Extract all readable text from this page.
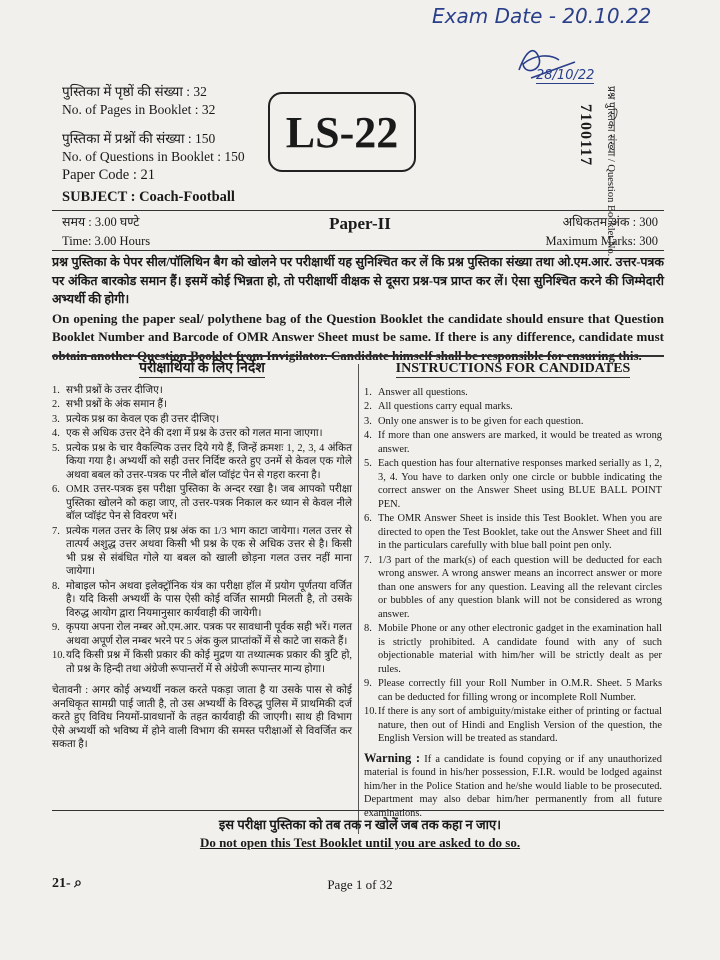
Exam Date - 20.10.22
28/10/22
पुस्तिका में पृष्ठों की संख्या : 32
No. of Pages in Booklet : 32
पुस्तिका में प्रश्नों की संख्या : 150
No. of Questions in Booklet : 150
Paper Code : 21
SUBJECT : Coach-Football
LS-22	7100117 प्रश्न पुस्तिका संख्या / Question Booklet No.
समय : 3.00 घण्टे
Time: 3.00 Hours
Paper-II	अधिकतम अंक : 300
Maximum Marks: 300
प्रश्न पुस्तिका के पेपर सील/पॉलिथिन बैग को खोलने पर परीक्षार्थी यह सुनिश्चित कर लें कि प्रश्न पुस्तिका संख्या तथा ओ.एम.आर. उत्तर-पत्रक पर अंकित बारकोड समान हैं। इसमें कोई भिन्नता हो, तो परीक्षार्थी वीक्षक से दूसरा प्रश्न-पत्र प्राप्त कर लें। ऐसा सुनिश्चित करने की जिम्मेदारी अभ्यर्थी की होगी।
On opening the paper seal/ polythene bag of the Question Booklet the candidate should ensure that Question Booklet Number and Barcode of OMR Answer Sheet must be same. If there is any difference, candidate must obtain another Question Booklet from Invigilator. Candidate himself shall be responsible for ensuring this.
परीक्षार्थियों के लिए निर्देश
1. सभी प्रश्नों के उत्तर दीजिए।
2. सभी प्रश्नों के अंक समान हैं।
3. प्रत्येक प्रश्न का केवल एक ही उत्तर दीजिए।
4. एक से अधिक उत्तर देने की दशा में प्रश्न के उत्तर को गलत माना जाएगा।
5. प्रत्येक प्रश्न के चार वैकल्पिक उत्तर दिये गये हैं, जिन्हें क्रमशः 1, 2, 3, 4 अंकित किया गया है। अभ्यर्थी को सही उत्तर निर्दिष्ट करते हुए उनमें से केवल एक गोले अथवा बबल को उत्तर-पत्रक पर नीले बॉल प्वॉइंट पेन से गहरा करना है।
6. OMR उत्तर-पत्रक इस परीक्षा पुस्तिका के अन्दर रखा है। जब आपको परीक्षा पुस्तिका खोलने को कहा जाए, तो उत्तर-पत्रक निकाल कर ध्यान से केवल नीले बॉल प्वॉइंट पेन से विवरण भरें।
7. प्रत्येक गलत उत्तर के लिए प्रश्न अंक का 1/3 भाग काटा जायेगा। गलत उत्तर से तात्पर्य अशुद्ध उत्तर अथवा किसी भी प्रश्न के एक से अधिक उत्तर से है। किसी भी प्रश्न से संबंधित गोले या बबल को खाली छोड़ना गलत उत्तर नहीं माना जायेगा।
8. मोबाइल फोन अथवा इलेक्ट्रॉनिक यंत्र का परीक्षा हॉल में प्रयोग पूर्णतया वर्जित है। यदि किसी अभ्यर्थी के पास ऐसी कोई वर्जित सामग्री मिलती है, तो उसके विरुद्ध आयोग द्वारा नियमानुसार कार्यवाही की जायेगी।
9. कृपया अपना रोल नम्बर ओ.एम.आर. पत्रक पर सावधानी पूर्वक सही भरें। गलत अथवा अपूर्ण रोल नम्बर भरने पर 5 अंक कुल प्राप्तांकों में से काटे जा सकते हैं।
10. यदि किसी प्रश्न में किसी प्रकार की कोई मुद्रण या तथ्यात्मक प्रकार की त्रुटि हो, तो प्रश्न के हिन्दी तथा अंग्रेजी रूपान्तरों में से अंग्रेजी रूपान्तर मान्य होगा।
चेतावनी : अगर कोई अभ्यर्थी नकल करते पकड़ा जाता है या उसके पास से कोई अनधिकृत सामग्री पाई जाती है, तो उस अभ्यर्थी के विरुद्ध पुलिस में प्राथमिकी दर्ज करते हुए विविध नियमों-प्रावधानों के तहत कार्यवाही की जाएगी। साथ ही विभाग ऐसे अभ्यर्थी को भविष्य में होने वाली विभाग की समस्त परीक्षाओं से विवर्जित कर सकता है।
INSTRUCTIONS FOR CANDIDATES
1. Answer all questions.
2. All questions carry equal marks.
3. Only one answer is to be given for each question.
4. If more than one answers are marked, it would be treated as wrong answer.
5. Each question has four alternative responses marked serially as 1, 2, 3, 4. You have to darken only one circle or bubble indicating the correct answer on the Answer Sheet using BLUE BALL POINT PEN.
6. The OMR Answer Sheet is inside this Test Booklet. When you are directed to open the Test Booklet, take out the Answer Sheet and fill in the particulars carefully with blue ball point pen only.
7. 1/3 part of the mark(s) of each question will be deducted for each wrong answer. A wrong answer means an incorrect answer or more than one answers for any question. Leaving all the relevant circles or bubbles of any question blank will not be considered as wrong answer.
8. Mobile Phone or any other electronic gadget in the examination hall is strictly prohibited. A candidate found with any of such objectionable material with him/her will be strictly dealt as per rules.
9. Please correctly fill your Roll Number in O.M.R. Sheet. 5 Marks can be deducted for filling wrong or incomplete Roll Number.
10. If there is any sort of ambiguity/mistake either of printing or factual nature, then out of Hindi and English Version of the question, the English Version will be treated as standard.
Warning : If a candidate is found copying or if any unauthorized material is found in his/her possession, F.I.R. would be lodged against him/her in the Police Station and he/she would liable to be prosecuted. Department may also debar him/her permanently from all future examinations.
इस परीक्षा पुस्तिका को तब तक न खोलें जब तक कहा न जाए।
Do not open this Test Booklet until you are asked to do so.
21- ⌕	Page 1 of 32
